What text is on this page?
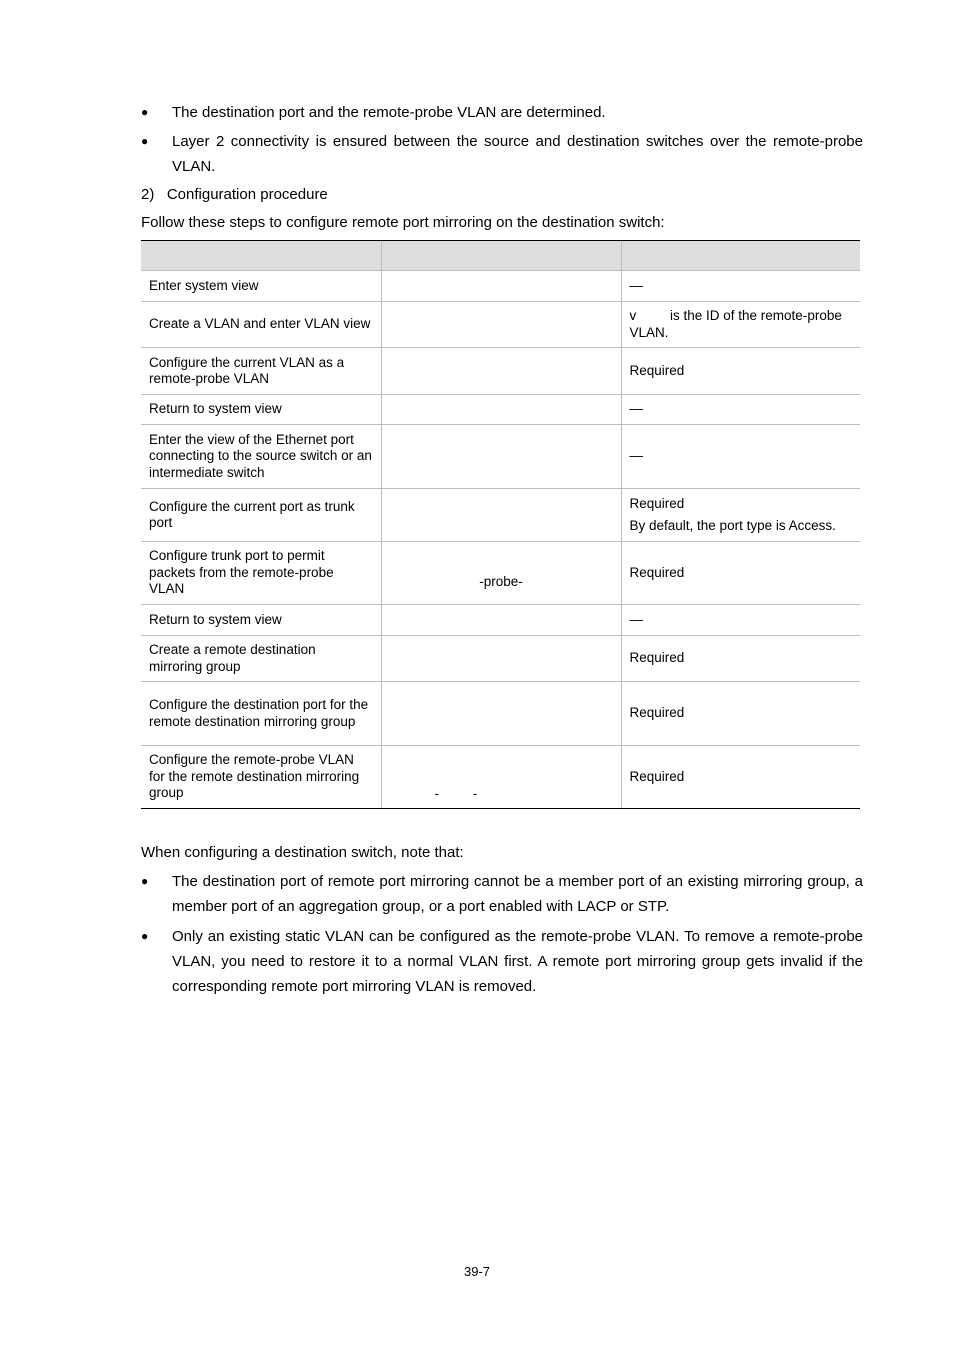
●	The destination port and the remote-probe VLAN are determined.
●	Layer 2 connectivity is ensured between the source and destination switches over the remote-probe VLAN.
2)   Configuration procedure
Follow these steps to configure remote port mirroring on the destination switch:

Enter system view		—

Create a VLAN and enter VLAN view		v         is the ID of the remote-probe VLAN.

Configure the current VLAN as a remote-probe VLAN		Required

Return to system view		—

Enter the view of the Ethernet port connecting to the source switch or an intermediate switch		—

Configure the current port as trunk port		Required
By default, the port type is Access.

Configure trunk port to permit packets from the remote-probe VLAN	-probe-	Required

Return to system view		—

Create a remote destination mirroring group		Required

Configure the destination port for the remote destination mirroring group		Required

Configure the remote-probe VLAN for the remote destination mirroring group	-         -	Required
When configuring a destination switch, note that:
●	The destination port of remote port mirroring cannot be a member port of an existing mirroring group, a member port of an aggregation group, or a port enabled with LACP or STP.
●	Only an existing static VLAN can be configured as the remote-probe VLAN. To remove a remote-probe VLAN, you need to restore it to a normal VLAN first. A remote port mirroring group gets invalid if the corresponding remote port mirroring VLAN is removed.
39-7
